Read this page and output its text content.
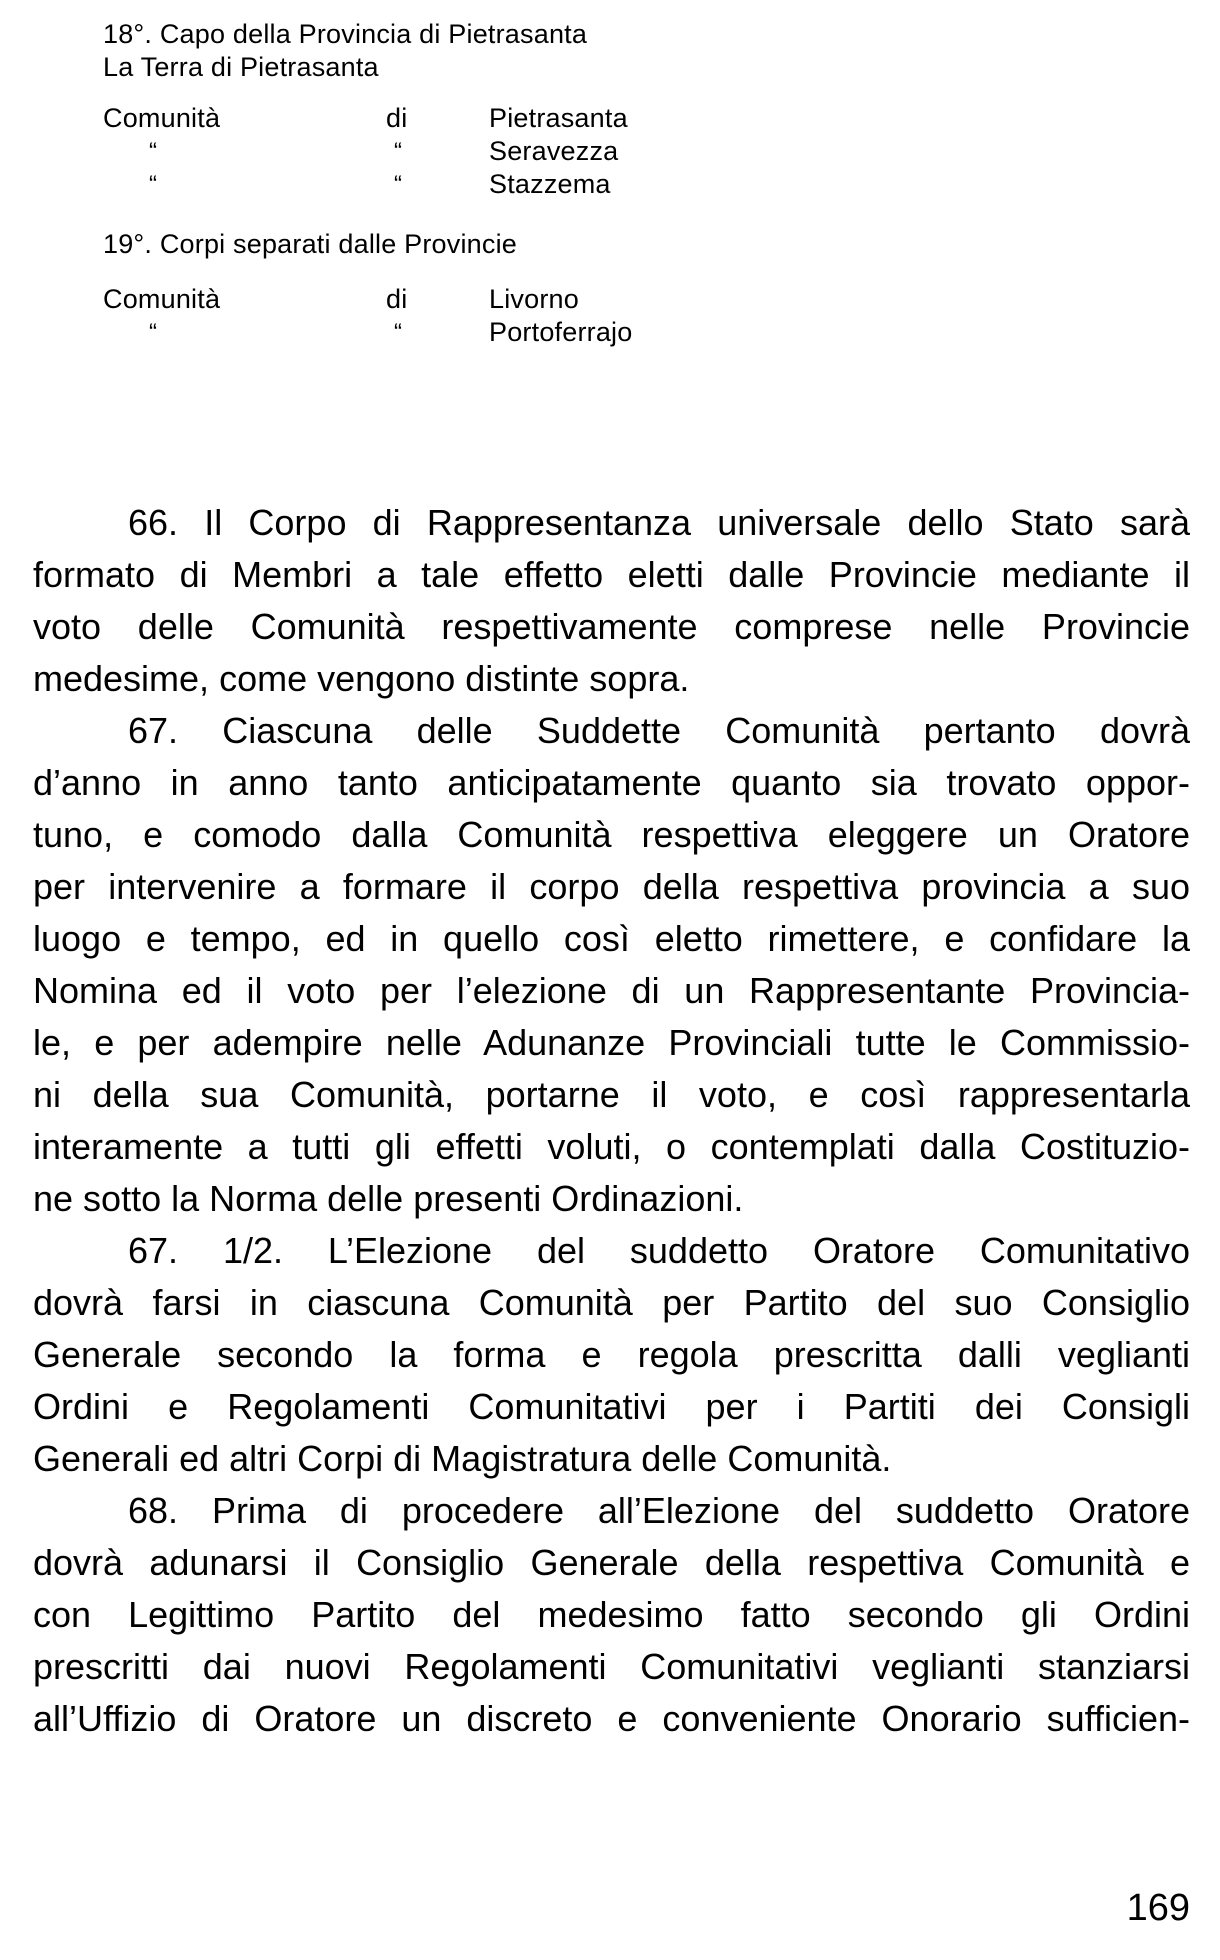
18°. Capo della Provincia di Pietrasanta
La Terra di Pietrasanta
Comunità	di	Pietrasanta
“	“	Seravezza
“	“	Stazzema
19°. Corpi separati dalle Provincie
Comunità	di	Livorno
“	“	Portoferrajo
66. Il Corpo di Rappresentanza universale dello Stato sarà
formato di Membri a tale effetto eletti dalle Provincie mediante il
voto delle Comunità respettivamente comprese nelle Provincie
medesime, come vengono distinte sopra.
67. Ciascuna delle Suddette Comunità pertanto dovrà
d’anno in anno tanto anticipatamente quanto sia trovato oppor-
tuno, e comodo dalla Comunità respettiva eleggere un Oratore
per intervenire a formare il corpo della respettiva provincia a suo
luogo e tempo, ed in quello così eletto rimettere, e confidare la
Nomina ed il voto per l’elezione di un Rappresentante Provincia-
le, e per adempire nelle Adunanze Provinciali tutte le Commissio-
ni della sua Comunità, portarne il voto, e così rappresentarla
interamente a tutti gli effetti voluti, o contemplati dalla Costituzio-
ne sotto la Norma delle presenti Ordinazioni.
67. 1/2. L’Elezione del suddetto Oratore Comunitativo
dovrà farsi in ciascuna Comunità per Partito del suo Consiglio
Generale secondo la forma e regola prescritta dalli veglianti
Ordini e Regolamenti Comunitativi per i Partiti dei Consigli
Generali ed altri Corpi di Magistratura delle Comunità.
68. Prima di procedere all’Elezione del suddetto Oratore
dovrà adunarsi il Consiglio Generale della respettiva Comunità e
con Legittimo Partito del medesimo fatto secondo gli Ordini
prescritti dai nuovi Regolamenti Comunitativi veglianti stanziarsi
all’Uffizio di Oratore un discreto e conveniente Onorario sufficien-
169
